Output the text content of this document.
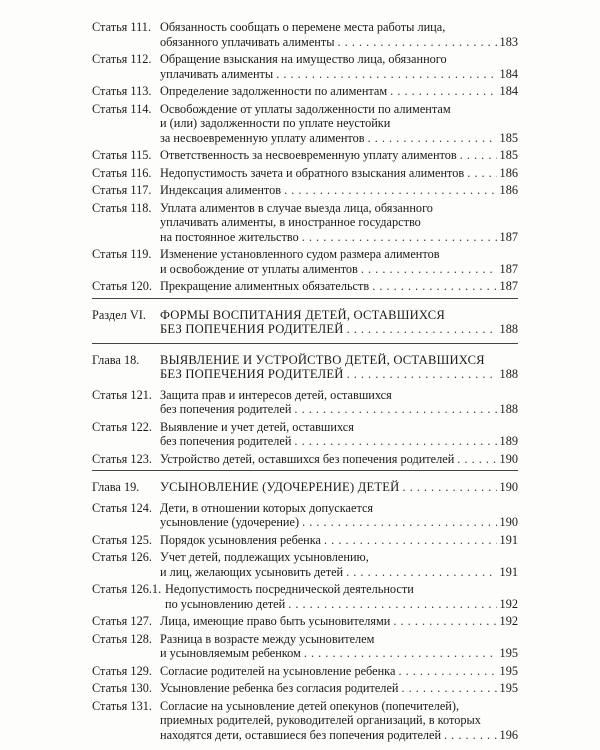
Статья 111. Обязанность сообщать о перемене места работы лица,
обязанного уплачивать алименты . . .	183
Статья 112. Обращение взыскания на имущество лица, обязанного
уплачивать алименты . . .	184
Статья 113. Определение задолженности по алиментам . . .	184
Статья 114. Освобождение от уплаты задолженности по алиментам
и (или) задолженности по уплате неустойки
за несвоевременную уплату алиментов . . .	185
Статья 115. Ответственность за несвоевременную уплату алиментов . . .	185
Статья 116. Недопустимость зачета и обратного взыскания алиментов . . .	186
Статья 117. Индексация алиментов . . .	186
Статья 118. Уплата алиментов в случае выезда лица, обязанного
уплачивать алименты, в иностранное государство
на постоянное жительство . . .	187
Статья 119. Изменение установленного судом размера алиментов
и освобождение от уплаты алиментов . . .	187
Статья 120. Прекращение алиментных обязательств . . .	187
Раздел VI.	ФОРМЫ ВОСПИТАНИЯ ДЕТЕЙ, ОСТАВШИХСЯ
БЕЗ ПОПЕЧЕНИЯ РОДИТЕЛЕЙ . . .	188
Глава 18.	ВЫЯВЛЕНИЕ И УСТРОЙСТВО ДЕТЕЙ, ОСТАВШИХСЯ
БЕЗ ПОПЕЧЕНИЯ РОДИТЕЛЕЙ . . .	188
Статья 121. Защита прав и интересов детей, оставшихся
без попечения родителей . . .	188
Статья 122. Выявление и учет детей, оставшихся
без попечения родителей . . .	189
Статья 123. Устройство детей, оставшихся без попечения родителей . . .	190
Глава 19.	УСЫНОВЛЕНИЕ (УДОЧЕРЕНИЕ) ДЕТЕЙ . . .	190
Статья 124. Дети, в отношении которых допускается
усыновление (удочерение) . . .	190
Статья 125. Порядок усыновления ребенка . . .	191
Статья 126. Учет детей, подлежащих усыновлению,
и лиц, желающих усыновить детей . . .	191
Статья 126.1. Недопустимость посреднической деятельности
по усыновлению детей . . .	192
Статья 127. Лица, имеющие право быть усыновителями . . .	192
Статья 128. Разница в возрасте между усыновителем
и усыновляемым ребенком . . .	195
Статья 129. Согласие родителей на усыновление ребенка . . .	195
Статья 130. Усыновление ребенка без согласия родителей . . .	195
Статья 131. Согласие на усыновление детей опекунов (попечителей),
приемных родителей, руководителей организаций, в которых
находятся дети, оставшиеся без попечения родителей . . .	196
